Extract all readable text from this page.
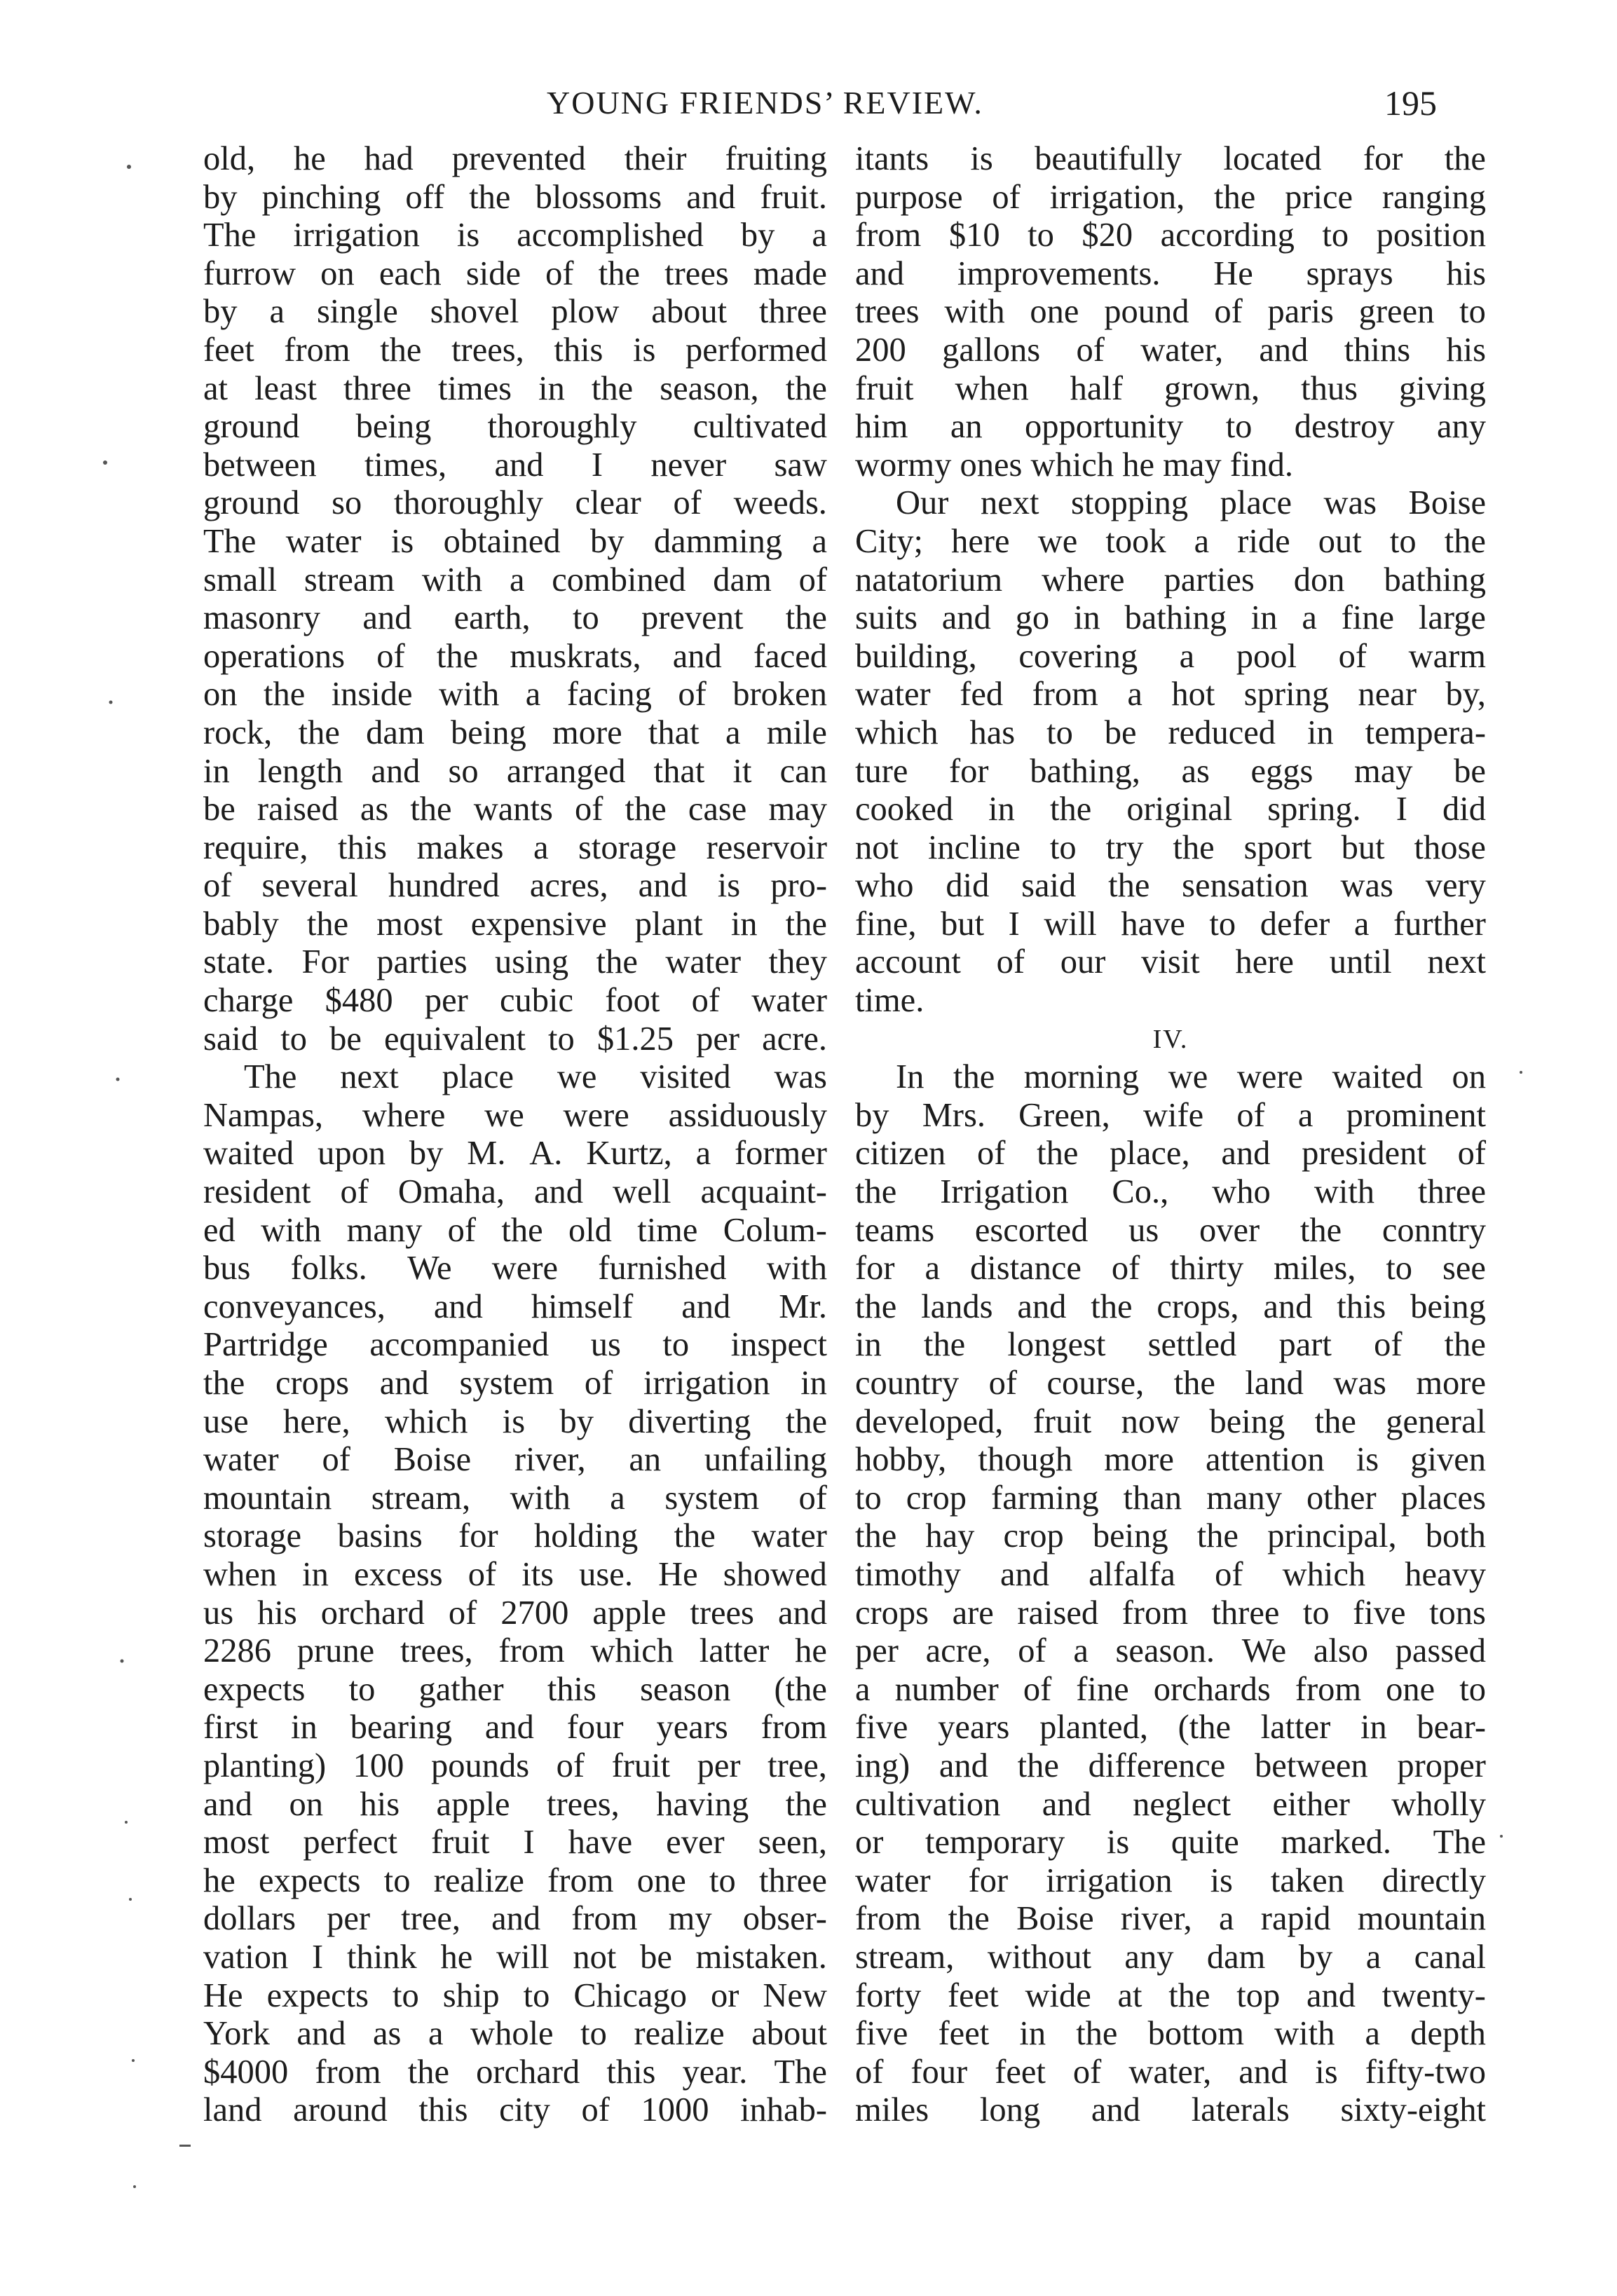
YOUNG FRIENDS’ REVIEW.	195
old, he had prevented their fruiting
by pinching off the blossoms and fruit.
The irrigation is accomplished by a
furrow on each side of the trees made
by a single shovel plow about three
feet from the trees, this is performed
at least three times in the season, the
ground being thoroughly cultivated
between times, and I never saw
ground so thoroughly clear of weeds.
The water is obtained by damming a
small stream with a combined dam of
masonry and earth, to prevent the
operations of the muskrats, and faced
on the inside with a facing of broken
rock, the dam being more that a mile
in length and so arranged that it can
be raised as the wants of the case may
require, this makes a storage reservoir
of several hundred acres, and is pro-
bably the most expensive plant in the
state. For parties using the water they
charge $480 per cubic foot of water
said to be equivalent to $1.25 per acre.
The next place we visited was
Nampas, where we were assiduously
waited upon by M. A. Kurtz, a former
resident of Omaha, and well acquaint-
ed with many of the old time Colum-
bus folks. We were furnished with
conveyances, and himself and Mr.
Partridge accompanied us to inspect
the crops and system of irrigation in
use here, which is by diverting the
water of Boise river, an unfailing
mountain stream, with a system of
storage basins for holding the water
when in excess of its use. He showed
us his orchard of 2700 apple trees and
2286 prune trees, from which latter he
expects to gather this season (the
first in bearing and four years from
planting) 100 pounds of fruit per tree,
and on his apple trees, having the
most perfect fruit I have ever seen,
he expects to realize from one to three
dollars per tree, and from my obser-
vation I think he will not be mistaken.
He expects to ship to Chicago or New
York and as a whole to realize about
$4000 from the orchard this year. The
land around this city of 1000 inhab-
itants is beautifully located for the
purpose of irrigation, the price ranging
from $10 to $20 according to position
and improvements. He sprays his
trees with one pound of paris green to
200 gallons of water, and thins his
fruit when half grown, thus giving
him an opportunity to destroy any
wormy ones which he may find.
Our next stopping place was Boise
City; here we took a ride out to the
natatorium where parties don bathing
suits and go in bathing in a fine large
building, covering a pool of warm
water fed from a hot spring near by,
which has to be reduced in tempera-
ture for bathing, as eggs may be
cooked in the original spring. I did
not incline to try the sport but those
who did said the sensation was very
fine, but I will have to defer a further
account of our visit here until next
time.
IV.
In the morning we were waited on
by Mrs. Green, wife of a prominent
citizen of the place, and president of
the Irrigation Co., who with three
teams escorted us over the conntry
for a distance of thirty miles, to see
the lands and the crops, and this being
in the longest settled part of the
country of course, the land was more
developed, fruit now being the general
hobby, though more attention is given
to crop farming than many other places
the hay crop being the principal, both
timothy and alfalfa of which heavy
crops are raised from three to five tons
per acre, of a season. We also passed
a number of fine orchards from one to
five years planted, (the latter in bear-
ing) and the difference between proper
cultivation and neglect either wholly
or temporary is quite marked. The
water for irrigation is taken directly
from the Boise river, a rapid mountain
stream, without any dam by a canal
forty feet wide at the top and twenty-
five feet in the bottom with a depth
of four feet of water, and is fifty-two
miles long and laterals sixty-eight
